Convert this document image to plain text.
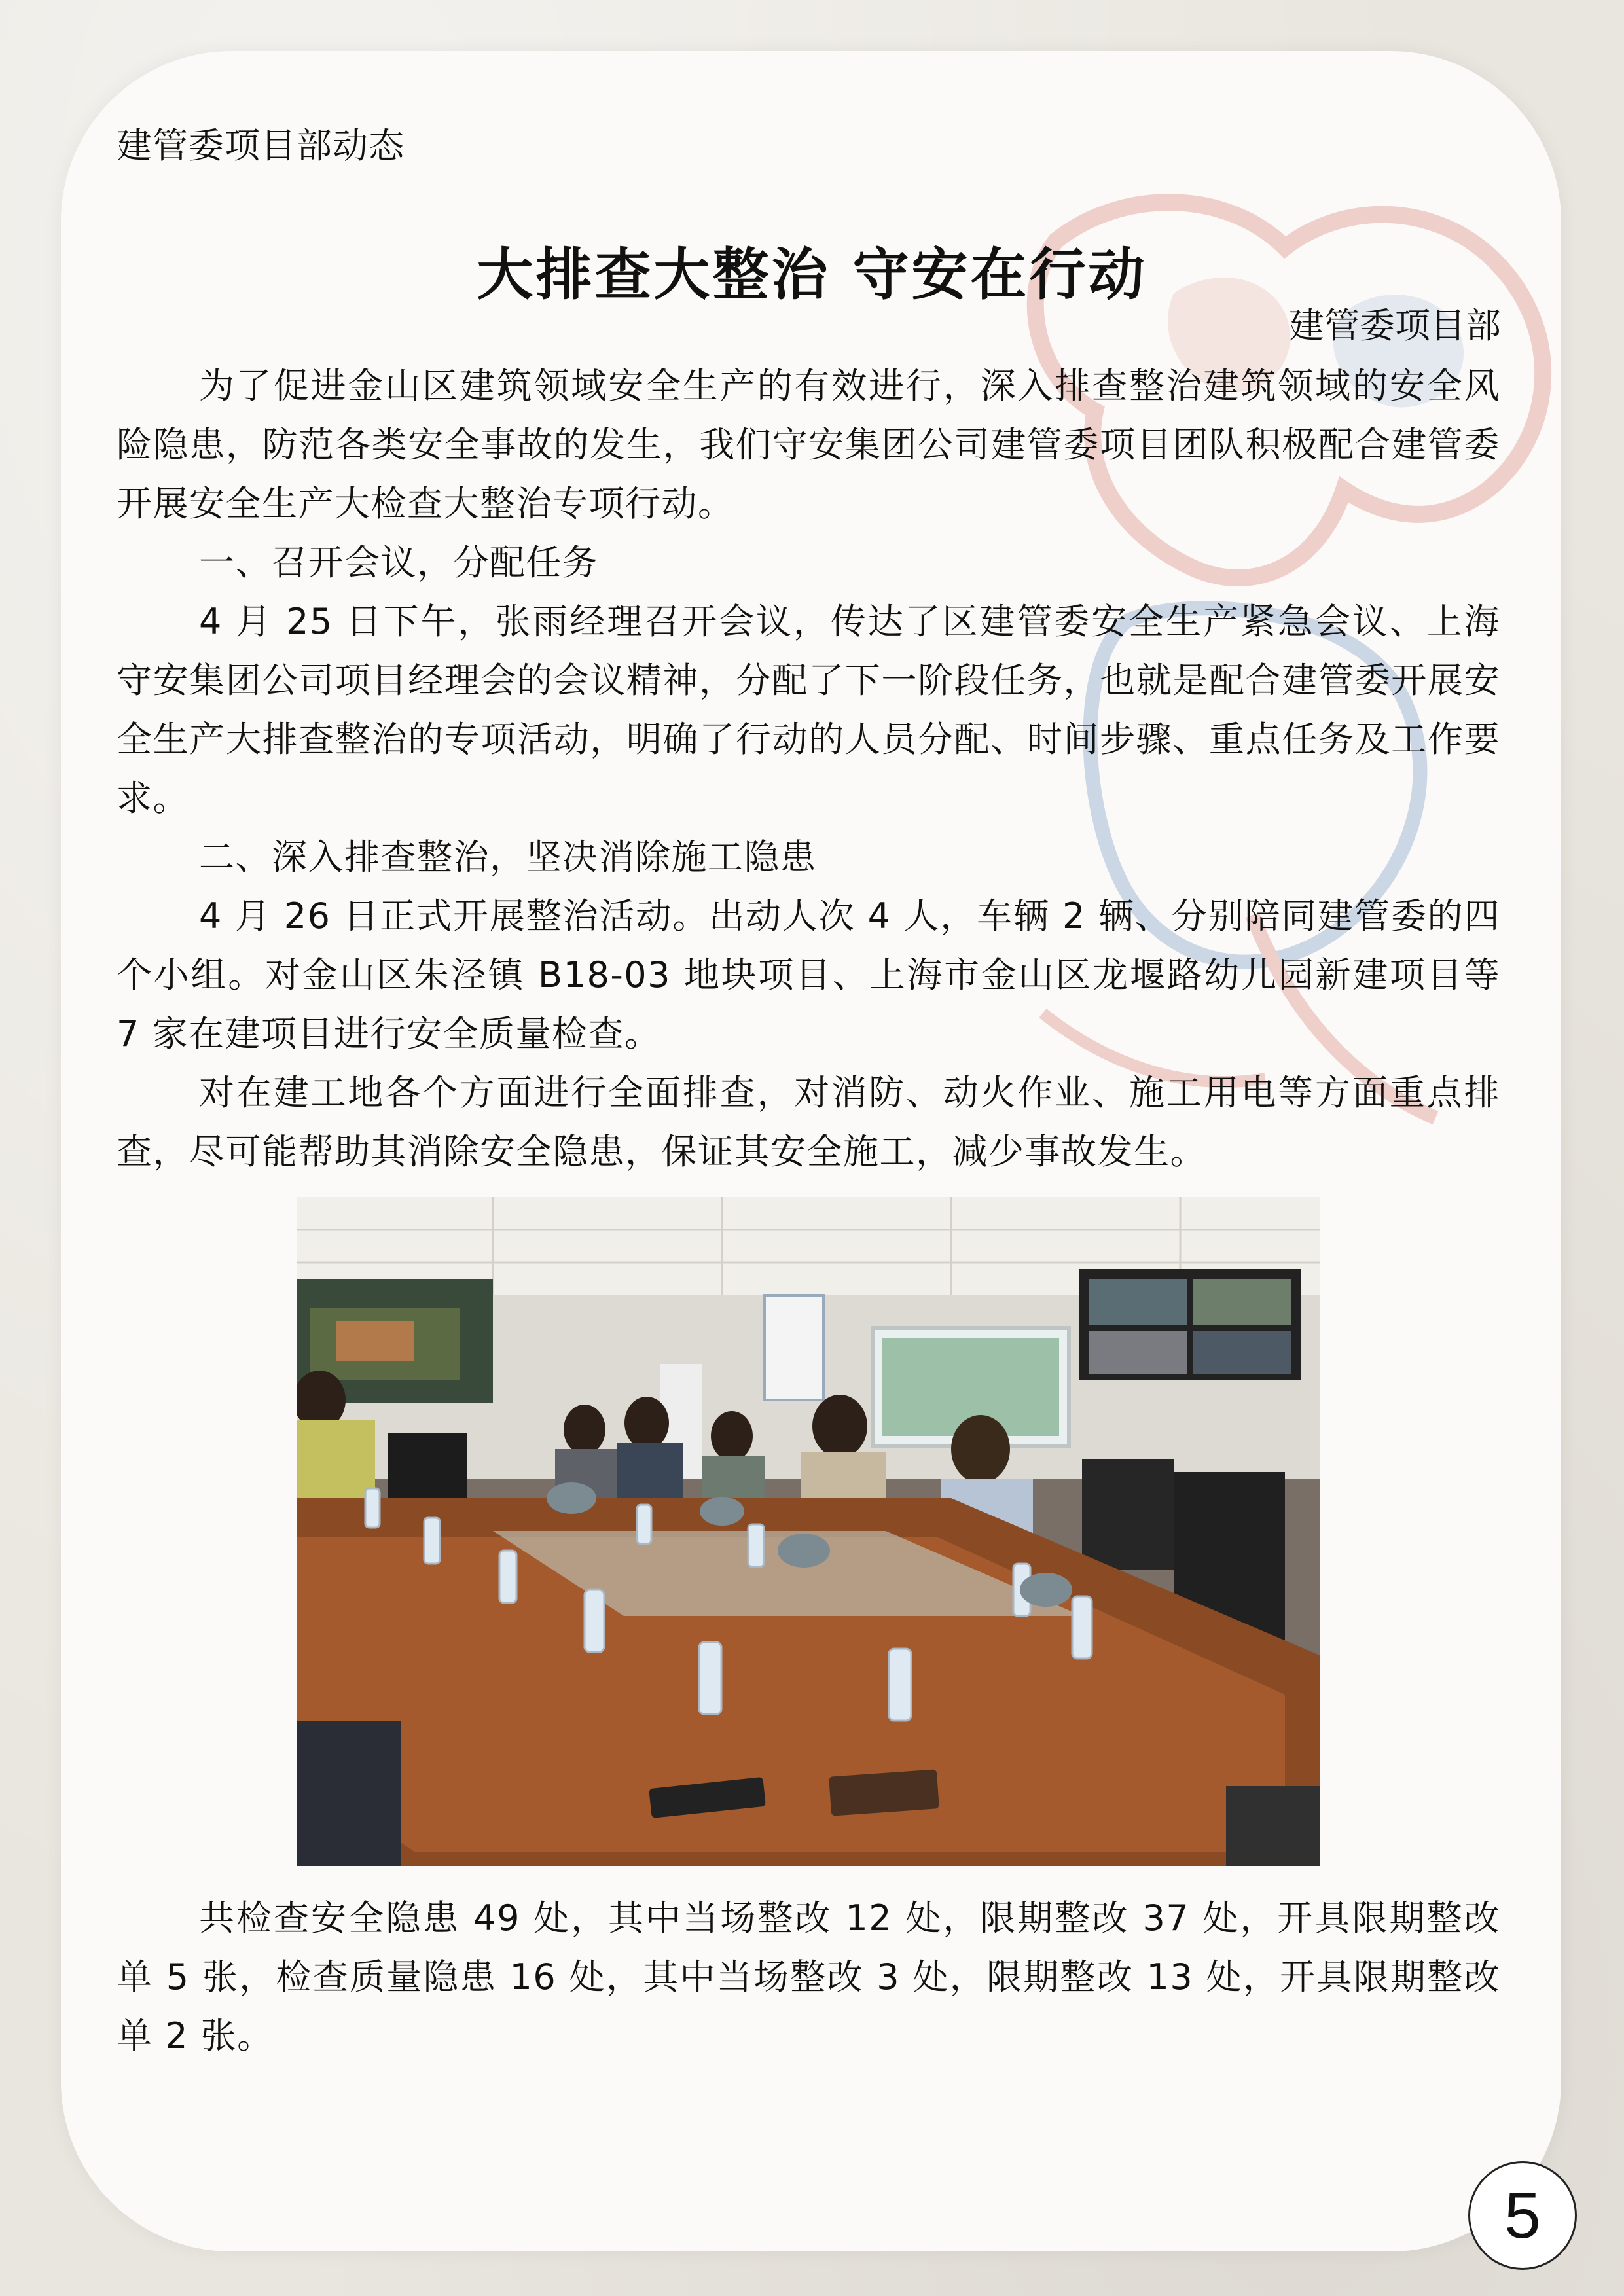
建管委项目部动态
大排查大整治 守安在行动
建管委项目部

为了促进金山区建筑领域安全生产的有效进行，深入排查整治建筑领域的安全风险隐患，防范各类安全事故的发生，我们守安集团公司建管委项目团队积极配合建管委开展安全生产大检查大整治专项行动。

一、召开会议，分配任务

4 月 25 日下午，张雨经理召开会议，传达了区建管委安全生产紧急会议、上海守安集团公司项目经理会的会议精神，分配了下一阶段任务，也就是配合建管委开展安全生产大排查整治的专项活动，明确了行动的人员分配、时间步骤、重点任务及工作要求。

二、深入排查整治，坚决消除施工隐患

4 月 26 日正式开展整治活动。出动人次 4 人，车辆 2 辆、分别陪同建管委的四个小组。对金山区朱泾镇 B18-03 地块项目、上海市金山区龙堰路幼儿园新建项目等 7 家在建项目进行安全质量检查。

对在建工地各个方面进行全面排查，对消防、动火作业、施工用电等方面重点排查，尽可能帮助其消除安全隐患，保证其安全施工，减少事故发生。

共检查安全隐患 49 处，其中当场整改 12 处，限期整改 37 处，开具限期整改单 5 张，检查质量隐患 16 处，其中当场整改 3 处，限期整改 13 处，开具限期整改单 2 张。

5
